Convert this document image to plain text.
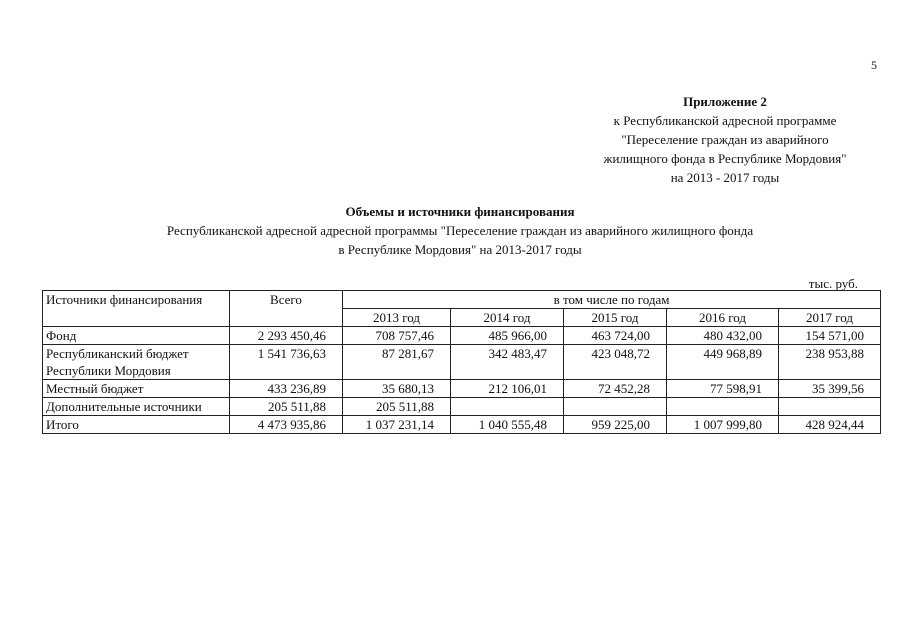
5
Приложение 2
к Республиканской адресной программе
"Переселение граждан из аварийного
жилищного фонда в Республике Мордовия"
на 2013 - 2017 годы
Объемы и источники финансирования
Республиканской адресной адресной программы "Переселение граждан из аварийного жилищного фонда
в Республике Мордовия" на 2013-2017 годы
тыс. руб.
Источники финансирования	Всего	в том числе по годам				
		2013 год	2014 год	2015 год	2016 год	2017 год
Фонд	2 293 450,46	708 757,46	485 966,00	463 724,00	480 432,00	154 571,00
Республиканский бюджет Республики Мордовия	1 541 736,63	87 281,67	342 483,47	423 048,72	449 968,89	238 953,88
Местный бюджет	433 236,89	35 680,13	212 106,01	72 452,28	77 598,91	35 399,56
Дополнительные источники	205 511,88	205 511,88				
Итого	4 473 935,86	1 037 231,14	1 040 555,48	959 225,00	1 007 999,80	428 924,44
